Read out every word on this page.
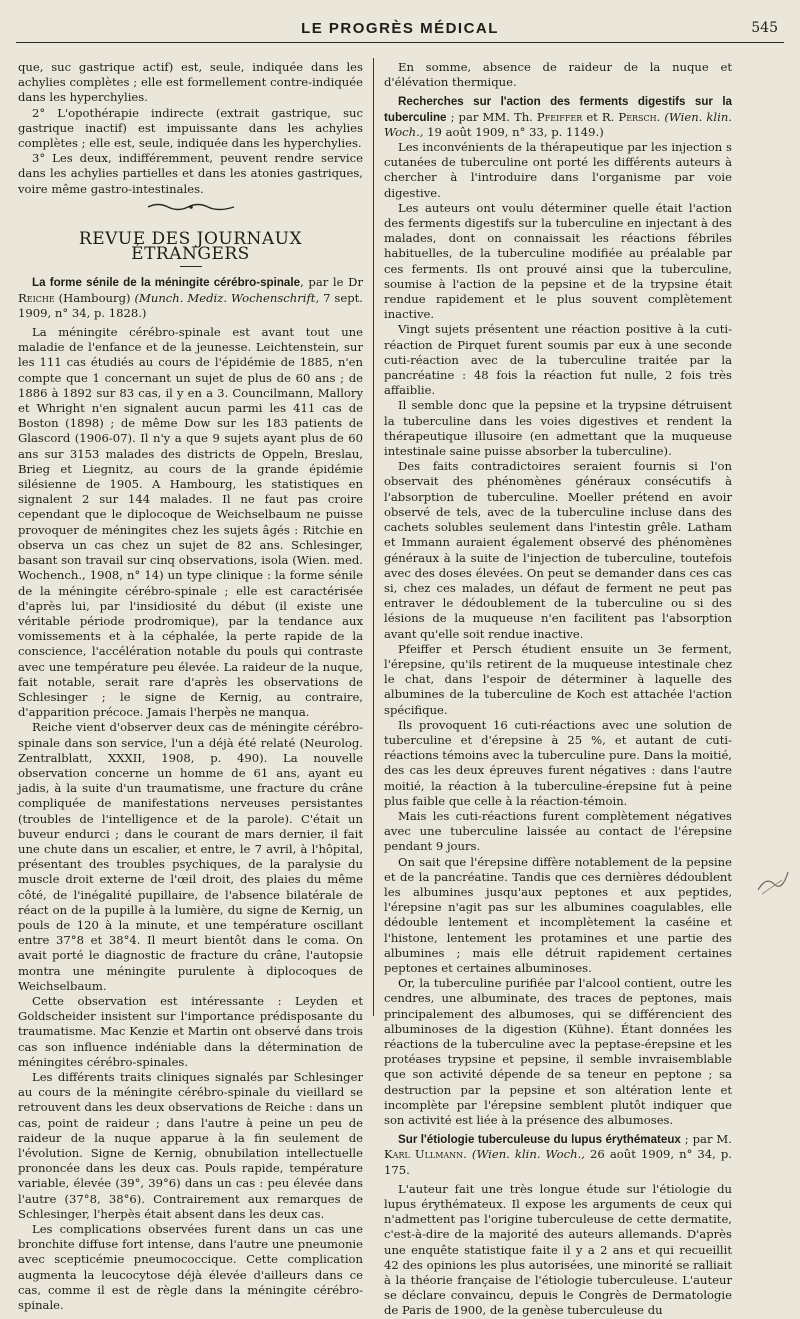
LE PROGRÈS MÉDICAL	545

que, suc gastrique actif) est, seule, indiquée dans les achylies complètes ; elle est formellement contre-indiquée dans les hyperchylies.

2° L'opothérapie indirecte (extrait gastrique, suc gastrique inactif) est impuissante dans les achylies complètes ; elle est, seule, indiquée dans les hyperchylies.

3° Les deux, indifféremment, peuvent rendre service dans les achylies partielles et dans les atonies gastriques, voire même gastro-intestinales.

REVUE DES JOURNAUX ÉTRANGERS

La forme sénile de la méningite cérébro-spinale, par le Dr Reiche (Hambourg) (Munch. Mediz. Wochenschrift, 7 sept. 1909, n° 34, p. 1828.)

La méningite cérébro-spinale est avant tout une maladie de l'enfance et de la jeunesse. Leichtenstein, sur les 111 cas étudiés au cours de l'épidémie de 1885, n'en compte que 1 concernant un sujet de plus de 60 ans ; de 1886 à 1892 sur 83 cas, il y en a 3. Councilmann, Mallory et Whright n'en signalent aucun parmi les 411 cas de Boston (1898) ; de même Dow sur les 183 patients de Glascord (1906-07). Il n'y a que 9 sujets ayant plus de 60 ans sur 3153 malades des districts de Oppeln, Breslau, Brieg et Liegnitz, au cours de la grande épidémie silésienne de 1905. A Hambourg, les statistiques en signalent 2 sur 144 malades. Il ne faut pas croire cependant que le diplocoque de Weichselbaum ne puisse provoquer de méningites chez les sujets âgés : Ritchie en observa un cas chez un sujet de 82 ans. Schlesinger, basant son travail sur cinq observations, isola (Wien. med. Wochench., 1908, n° 14) un type clinique : la forme sénile de la méningite cérébro-spinale ; elle est caractérisée d'après lui, par l'insidiosité du début (il existe une véritable période prodromique), par la tendance aux vomissements et à la céphalée, la perte rapide de la conscience, l'accélération notable du pouls qui contraste avec une température peu élevée. La raideur de la nuque, fait notable, serait rare d'après les observations de Schlesinger ; le signe de Kernig, au contraire, d'apparition précoce. Jamais l'herpès ne manqua.

Reiche vient d'observer deux cas de méningite cérébro-spinale dans son service, l'un a déjà été relaté (Neurolog. Zentralblatt, XXXII, 1908, p. 490). La nouvelle observation concerne un homme de 61 ans, ayant eu jadis, à la suite d'un traumatisme, une fracture du crâne compliquée de manifestations nerveuses persistantes (troubles de l'intelligence et de la parole). C'était un buveur endurci ; dans le courant de mars dernier, il fait une chute dans un escalier, et entre, le 7 avril, à l'hôpital, présentant des troubles psychiques, de la paralysie du muscle droit externe de l'œil droit, des plaies du même côté, de l'inégalité pupillaire, de l'absence bilatérale de réact on de la pupille à la lumière, du signe de Kernig, un pouls de 120 à la minute, et une température oscillant entre 37°8 et 38°4. Il meurt bientôt dans le coma. On avait porté le diagnostic de fracture du crâne, l'autopsie montra une méningite purulente à diplocoques de Weichselbaum.

Cette observation est intéressante : Leyden et Goldscheider insistent sur l'importance prédisposante du traumatisme. Mac Kenzie et Martin ont observé dans trois cas son influence indéniable dans la détermination de méningites cérébro-spinales.

Les différents traits cliniques signalés par Schlesinger au cours de la méningite cérébro-spinale du vieillard se retrouvent dans les deux observations de Reiche : dans un cas, point de raideur ; dans l'autre à peine un peu de raideur de la nuque apparue à la fin seulement de l'évolution. Signe de Kernig, obnubilation intellectuelle prononcée dans les deux cas. Pouls rapide, température variable, élevée (39°, 39°6) dans un cas : peu élevée dans l'autre (37°8, 38°6). Contrairement aux remarques de Schlesinger, l'herpès était absent dans les deux cas.

Les complications observées furent dans un cas une bronchite diffuse fort intense, dans l'autre une pneumonie avec scepticémie pneumococcique. Cette complication augmenta la leucocytose déjà élevée d'ailleurs dans ce cas, comme il est de règle dans la méningite cérébro-spinale.

En somme, absence de raideur de la nuque et d'élévation thermique.

Recherches sur l'action des ferments digestifs sur la tuberculine ; par MM. Th. Pfeiffer et R. Persch. (Wien. klin. Woch., 19 août 1909, n° 33, p. 1149.)

Les inconvénients de la thérapeutique par les injection s cutanées de tuberculine ont porté les différents auteurs à chercher à l'introduire dans l'organisme par voie digestive.

Les auteurs ont voulu déterminer quelle était l'action des ferments digestifs sur la tuberculine en injectant à des malades, dont on connaissait les réactions fébriles habituelles, de la tuberculine modifiée au préalable par ces ferments. Ils ont prouvé ainsi que la tuberculine, soumise à l'action de la pepsine et de la trypsine était rendue rapidement et le plus souvent complètement inactive.

Vingt sujets présentent une réaction positive à la cuti-réaction de Pirquet furent soumis par eux à une seconde cuti-réaction avec de la tuberculine traitée par la pancréatine : 48 fois la réaction fut nulle, 2 fois très affaiblie.

Il semble donc que la pepsine et la trypsine détruisent la tuberculine dans les voies digestives et rendent la thérapeutique illusoire (en admettant que la muqueuse intestinale saine puisse absorber la tuberculine).

Des faits contradictoires seraient fournis si l'on observait des phénomènes généraux consécutifs à l'absorption de tuberculine. Moeller prétend en avoir observé de tels, avec de la tuberculine incluse dans des cachets solubles seulement dans l'intestin grêle. Latham et Immann auraient également observé des phénomènes généraux à la suite de l'injection de tuberculine, toutefois avec des doses élevées. On peut se demander dans ces cas si, chez ces malades, un défaut de ferment ne peut pas entraver le dédoublement de la tuberculine ou si des lésions de la muqueuse n'en facilitent pas l'absorption avant qu'elle soit rendue inactive.

Pfeiffer et Persch étudient ensuite un 3e ferment, l'érepsine, qu'ils retirent de la muqueuse intestinale chez le chat, dans l'espoir de déterminer à laquelle des albumines de la tuberculine de Koch est attachée l'action spécifique.

Ils provoquent 16 cuti-réactions avec une solution de tuberculine et d'érepsine à 25 %, et autant de cuti-réactions témoins avec la tuberculine pure. Dans la moitié, des cas les deux épreuves furent négatives : dans l'autre moitié, la réaction à la tuberculine-érepsine fut à peine plus faible que celle à la réaction-témoin.

Mais les cuti-réactions furent complètement négatives avec une tuberculine laissée au contact de l'érepsine pendant 9 jours.

On sait que l'érepsine diffère notablement de la pepsine et de la pancréatine. Tandis que ces dernières dédoublent les albumines jusqu'aux peptones et aux peptides, l'érepsine n'agit pas sur les albumines coagulables, elle dédouble lentement et incomplètement la caséine et l'histone, lentement les protamines et une partie des albumines ; mais elle détruit rapidement certaines peptones et certaines albuminoses.

Or, la tuberculine purifiée par l'alcool contient, outre les cendres, une albuminate, des traces de peptones, mais principalement des albumoses, qui se différencient des albuminoses de la digestion (Kühne). Étant données les réactions de la tuberculine avec la peptase-érepsine et les protéases trypsine et pepsine, il semble invraisemblable que son activité dépende de sa teneur en peptone ; sa destruction par la pepsine et son altération lente et incomplète par l'érepsine semblent plutôt indiquer que son activité est liée à la présence des albumoses.

Sur l'étiologie tuberculeuse du lupus érythémateux ; par M. Karl Ullmann. (Wien. klin. Woch., 26 août 1909, n° 34, p. 175.

L'auteur fait une très longue étude sur l'étiologie du lupus érythémateux. Il expose les arguments de ceux qui n'admettent pas l'origine tuberculeuse de cette dermatite, c'est-à-dire de la majorité des auteurs allemands. D'après une enquête statistique faite il y a 2 ans et qui recueillit 42 des opinions les plus autorisées, une minorité se ralliait à la théorie française de l'étiologie tuberculeuse. L'auteur se déclare convaincu, depuis le Congrès de Dermatologie de Paris de 1900, de la genèse tuberculeuse du
